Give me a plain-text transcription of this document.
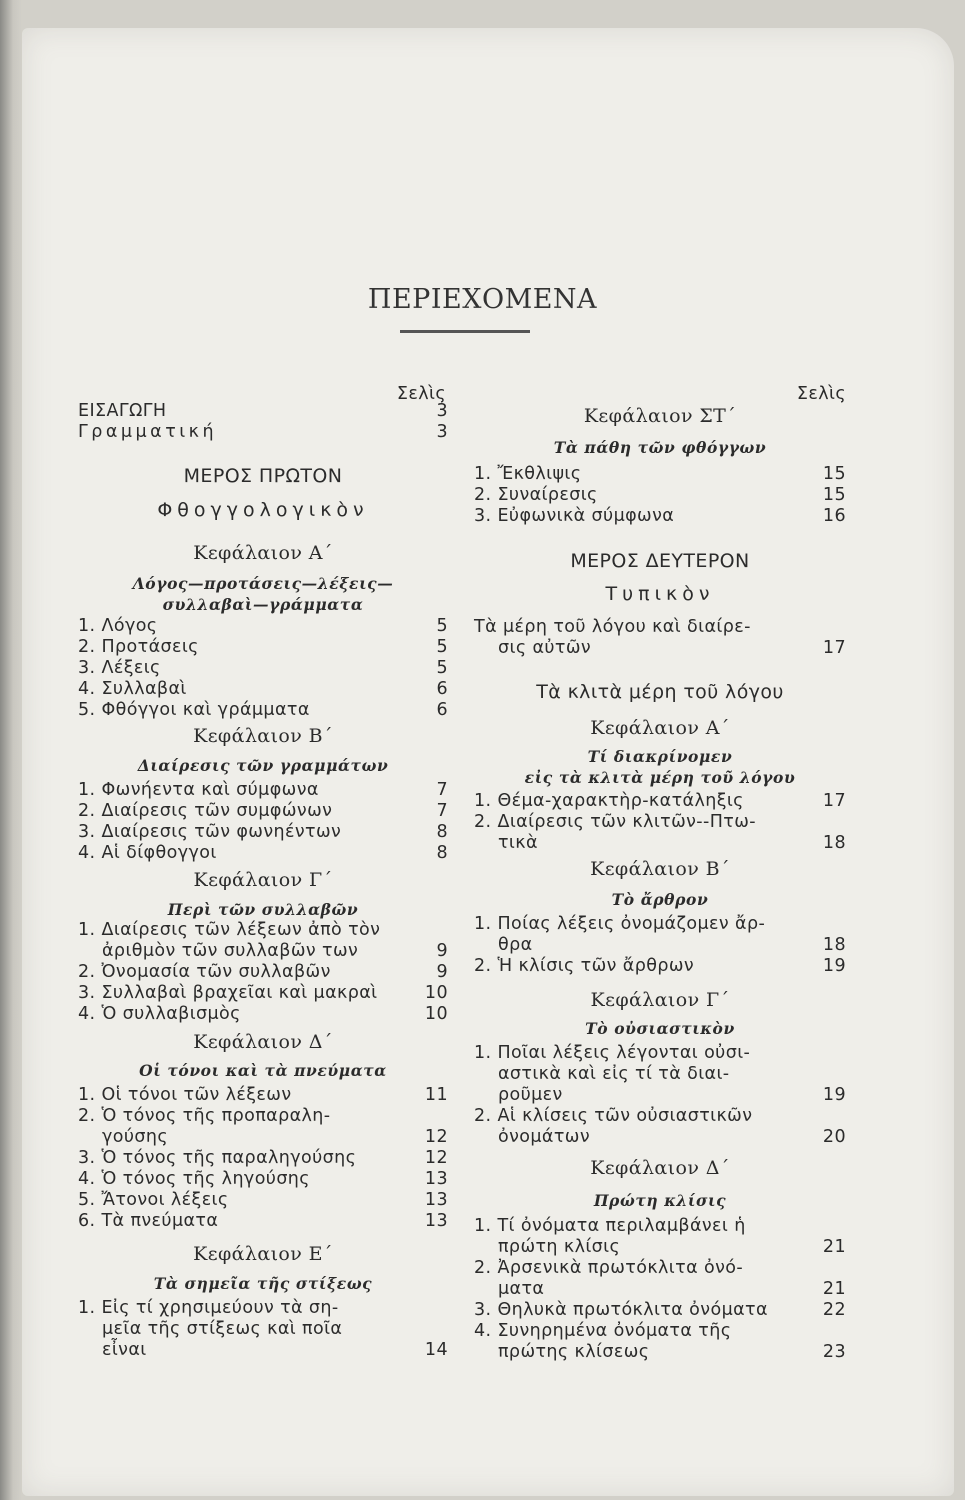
ΠΕΡΙΕΧΟΜΕΝΑ
Σελὶς
ΕΙΣΑΓΩΓΗ	3
Γραμματική	3
ΜΕΡΟΣ ΠΡΩΤΟΝ
Φθογγολογικὸν
Κεφάλαιον Α΄
Λόγος—προτάσεις—λέξεις—
συλλαβαὶ—γράμματα
1. Λόγος	5
2. Προτάσεις	5
3. Λέξεις	5
4. Συλλαβαὶ	6
5. Φθόγγοι καὶ γράμματα	6
Κεφάλαιον Β΄
Διαίρεσις τῶν γραμμάτων
1. Φωνήεντα καὶ σύμφωνα	7
2. Διαίρεσις τῶν συμφώνων	7
3. Διαίρεσις τῶν φωνηέντων	8
4. Αἱ δίφθογγοι	8
Κεφάλαιον Γ΄
Περὶ τῶν συλλαβῶν
1. Διαίρεσις τῶν λέξεων ἀπὸ τὸν
ἀριθμὸν τῶν συλλαβῶν των	9
2. Ὀνομασία τῶν συλλαβῶν	9
3. Συλλαβαὶ βραχεῖαι καὶ μακραὶ	10
4. Ὁ συλλαβισμὸς	10
Κεφάλαιον Δ΄
Οἱ τόνοι καὶ τὰ πνεύματα
1. Οἱ τόνοι τῶν λέξεων	11
2. Ὁ τόνος τῆς προπαραλη-
γούσης	12
3. Ὁ τόνος τῆς παραληγούσης	12
4. Ὁ τόνος τῆς ληγούσης	13
5. Ἄτονοι λέξεις	13
6. Τὰ πνεύματα	13
Κεφάλαιον Ε΄
Τὰ σημεῖα τῆς στίξεως
1. Εἰς τί χρησιμεύουν τὰ ση-
μεῖα τῆς στίξεως καὶ ποῖα
εἶναι	14
Σελὶς
Κεφάλαιον ΣΤ΄
Τὰ πάθη τῶν φθόγγων
1. Ἔκθλιψις	15
2. Συναίρεσις	15
3. Εὐφωνικὰ σύμφωνα	16
ΜΕΡΟΣ ΔΕΥΤΕΡΟΝ
Τυπικὸν
Τὰ μέρη τοῦ λόγου καὶ διαίρε-
σις αὐτῶν	17
Τὰ κλιτὰ μέρη τοῦ λόγου
Κεφάλαιον Α΄
Τί διακρίνομεν
εἰς τὰ κλιτὰ μέρη τοῦ λόγου
1. Θέμα-χαρακτὴρ-κατάληξις	17
2. Διαίρεσις τῶν κλιτῶν--Πτω-
τικὰ	18
Κεφάλαιον Β΄
Τὸ ἄρθρον
1. Ποίας λέξεις ὀνομάζομεν ἄρ-
θρα	18
2. Ἡ κλίσις τῶν ἄρθρων	19
Κεφάλαιον Γ΄
Τὸ οὐσιαστικὸν
1. Ποῖαι λέξεις λέγονται οὐσι-
αστικὰ καὶ εἰς τί τὰ διαι-
ροῦμεν	19
2. Αἱ κλίσεις τῶν οὐσιαστικῶν
ὀνομάτων	20
Κεφάλαιον Δ΄
Πρώτη κλίσις
1. Τί ὀνόματα περιλαμβάνει ἡ
πρώτη κλίσις	21
2. Ἀρσενικὰ πρωτόκλιτα ὀνό-
ματα	21
3. Θηλυκὰ πρωτόκλιτα ὀνόματα	22
4. Συνηρημένα ὀνόματα τῆς
πρώτης κλίσεως	23
